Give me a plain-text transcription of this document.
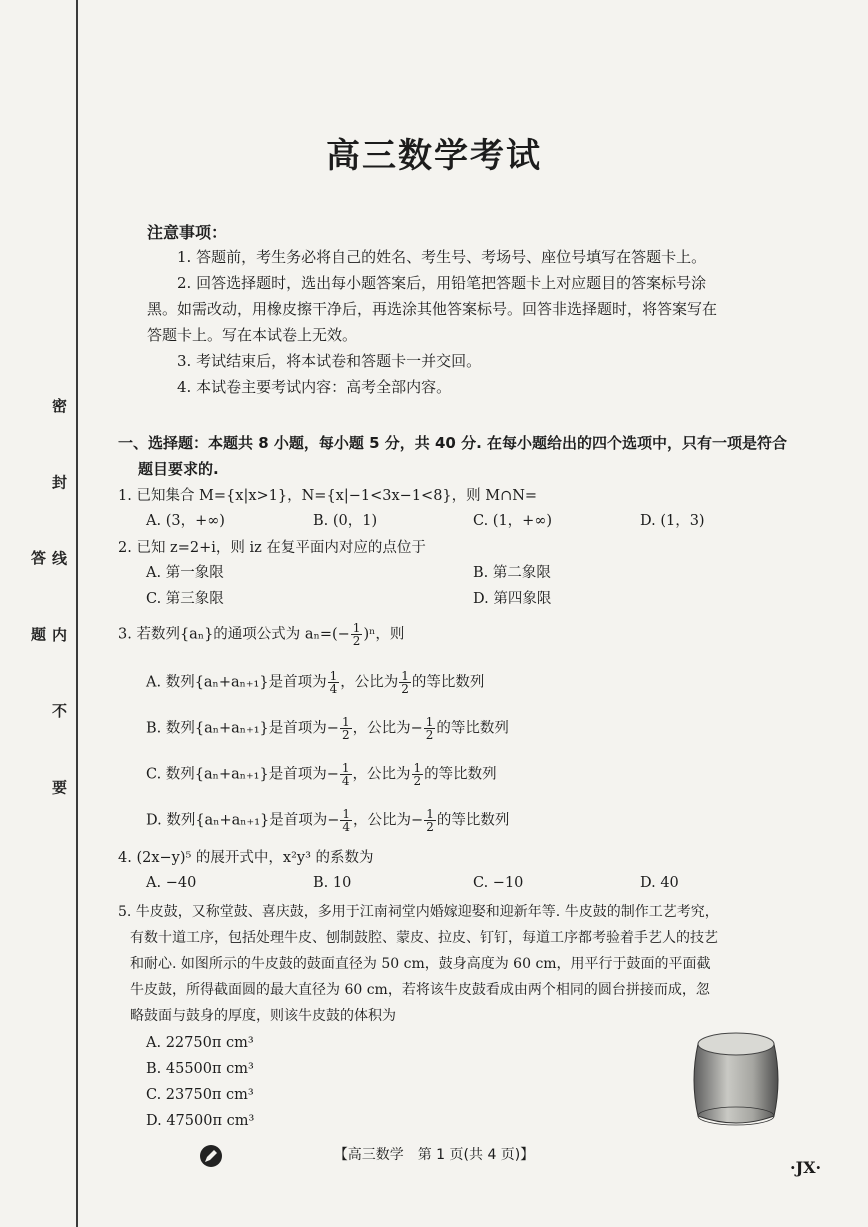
密 封 线 内 不 要 答 题
高三数学考试
注意事项：
1. 答题前，考生务必将自己的姓名、考生号、考场号、座位号填写在答题卡上。
2. 回答选择题时，选出每小题答案后，用铅笔把答题卡上对应题目的答案标号涂
黑。如需改动，用橡皮擦干净后，再选涂其他答案标号。回答非选择题时，将答案写在
答题卡上。写在本试卷上无效。
3. 考试结束后，将本试卷和答题卡一并交回。
4. 本试卷主要考试内容：高考全部内容。
一、选择题：本题共 8 小题，每小题 5 分，共 40 分. 在每小题给出的四个选项中，只有一项是符合
题目要求的.
1. 已知集合 M={x|x>1}，N={x|−1<3x−1<8}，则 M∩N=
A. (3，+∞)	B. (0，1)	C. (1，+∞)	D. (1，3)
2. 已知 z=2+i，则 iz 在复平面内对应的点位于
A. 第一象限	B. 第二象限
C. 第三象限	D. 第四象限
3. 若数列{aₙ}的通项公式为 $a_n=(- \frac{1}{2} )^n$，则
A. 数列{aₙ+aₙ₊₁}是首项为 $\frac{1}{4}$ ，公比为 $\frac{1}{2}$ 的等比数列
B. 数列{aₙ+aₙ₊₁}是首项为− $\frac{1}{2}$ ，公比为− $\frac{1}{2}$ 的等比数列
C. 数列{aₙ+aₙ₊₁}是首项为− $\frac{1}{4}$ ，公比为 $\frac{1}{2}$ 的等比数列
D. 数列{aₙ+aₙ₊₁}是首项为− $\frac{1}{4}$ ，公比为− $\frac{1}{2}$ 的等比数列
4. (2x−y)⁵ 的展开式中，x²y³ 的系数为
A. −40	B. 10	C. −10	D. 40
5. 牛皮鼓，又称堂鼓、喜庆鼓，多用于江南祠堂内婚嫁迎娶和迎新年等. 牛皮鼓的制作工艺考究，
有数十道工序，包括处理牛皮、刨制鼓腔、蒙皮、拉皮、钉钉，每道工序都考验着手艺人的技艺
和耐心. 如图所示的牛皮鼓的鼓面直径为 50 cm，鼓身高度为 60 cm，用平行于鼓面的平面截
牛皮鼓，所得截面圆的最大直径为 60 cm，若将该牛皮鼓看成由两个相同的圆台拼接而成，忽
略鼓面与鼓身的厚度，则该牛皮鼓的体积为
A. 22750π cm³
B. 45500π cm³
C. 23750π cm³
D. 47500π cm³
【高三数学　第 1 页(共 4 页)】
·JX·
